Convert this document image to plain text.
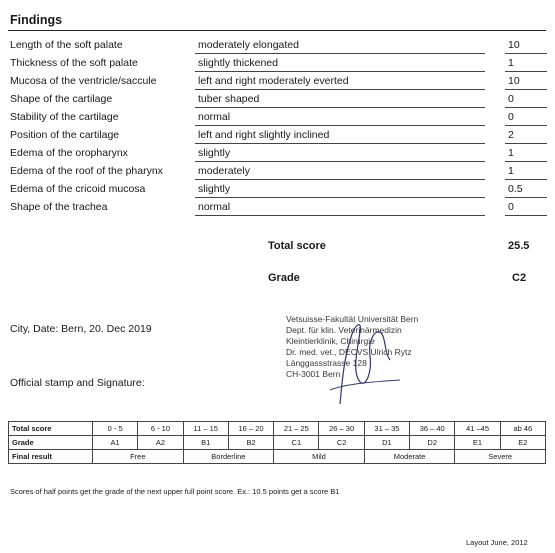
Findings
Length of the soft palate	moderately elongated	10
Thickness of the soft palate	slightly thickened	1
Mucosa of the ventricle/saccule	left and right moderately everted	10
Shape of the cartilage	tuber shaped	0
Stability of the cartilage	normal	0
Position of the cartilage	left and right slightly inclined	2
Edema of the oropharynx	slightly	1
Edema of the roof of the pharynx	moderately	1
Edema of the cricoid mucosa	slightly	0.5
Shape of the trachea	normal	0
Total score	25.5
Grade	C2
City, Date: Bern, 20. Dec 2019
Official stamp and Signature:
Vetsuisse-Fakultät Universität Bern
Dept. für klin. Veterinärmedizin
Kleintierklinik, Chirurgie
Dr. med. vet., DECVS Ulrich Rytz
Länggassstrasse 128
CH-3001 Bern
Total score	0 - 5	6 - 10	11 – 15	16 – 20	21 – 25	26 – 30	31 – 35	36 – 40	41 –45	ab 46
Grade	A1	A2	B1	B2	C1	C2	D1	D2	E1	E2
Final result	Free		Borderline		Mild		Moderate		Severe	
Scores of half points get the grade of the next upper full point score. Ex.: 10.5 points get a score B1
Layout June, 2012
